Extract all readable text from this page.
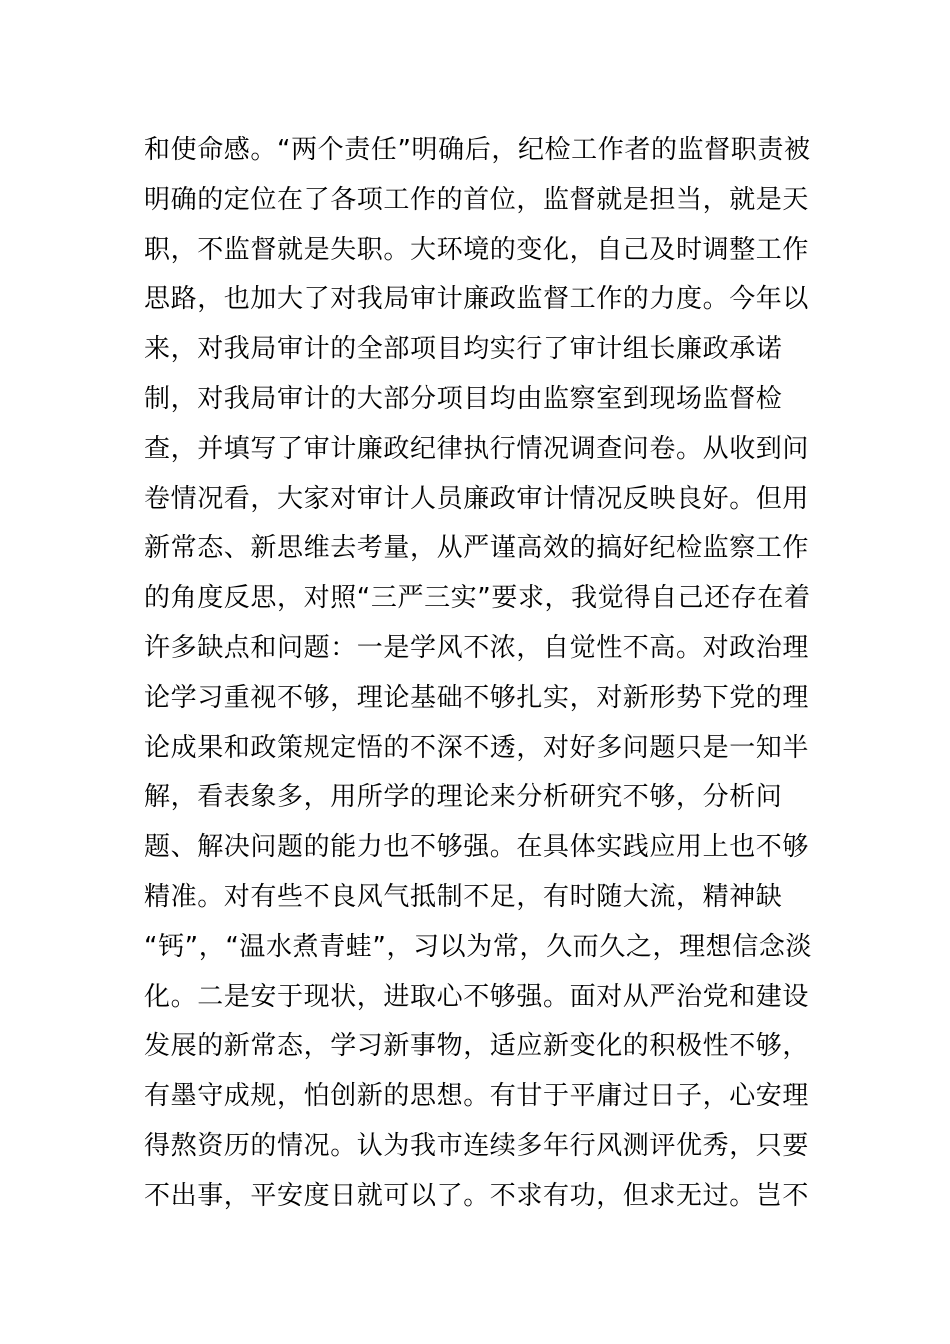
和使命感。“两个责任”明确后，纪检工作者的监督职责被
明确的定位在了各项工作的首位，监督就是担当，就是天
职，不监督就是失职。大环境的变化，自己及时调整工作
思路，也加大了对我局审计廉政监督工作的力度。今年以
来，对我局审计的全部项目均实行了审计组长廉政承诺
制，对我局审计的大部分项目均由监察室到现场监督检
查，并填写了审计廉政纪律执行情况调查问卷。从收到问
卷情况看，大家对审计人员廉政审计情况反映良好。但用
新常态、新思维去考量，从严谨高效的搞好纪检监察工作
的角度反思，对照“三严三实”要求，我觉得自己还存在着
许多缺点和问题：一是学风不浓，自觉性不高。对政治理
论学习重视不够，理论基础不够扎实，对新形势下党的理
论成果和政策规定悟的不深不透，对好多问题只是一知半
解，看表象多，用所学的理论来分析研究不够，分析问
题、解决问题的能力也不够强。在具体实践应用上也不够
精准。对有些不良风气抵制不足，有时随大流，精神缺
“钙”，“温水煮青蛙”，习以为常，久而久之，理想信念淡
化。二是安于现状，进取心不够强。面对从严治党和建设
发展的新常态，学习新事物，适应新变化的积极性不够，
有墨守成规，怕创新的思想。有甘于平庸过日子，心安理
得熬资历的情况。认为我市连续多年行风测评优秀，只要
不出事，平安度日就可以了。不求有功，但求无过。岂不
